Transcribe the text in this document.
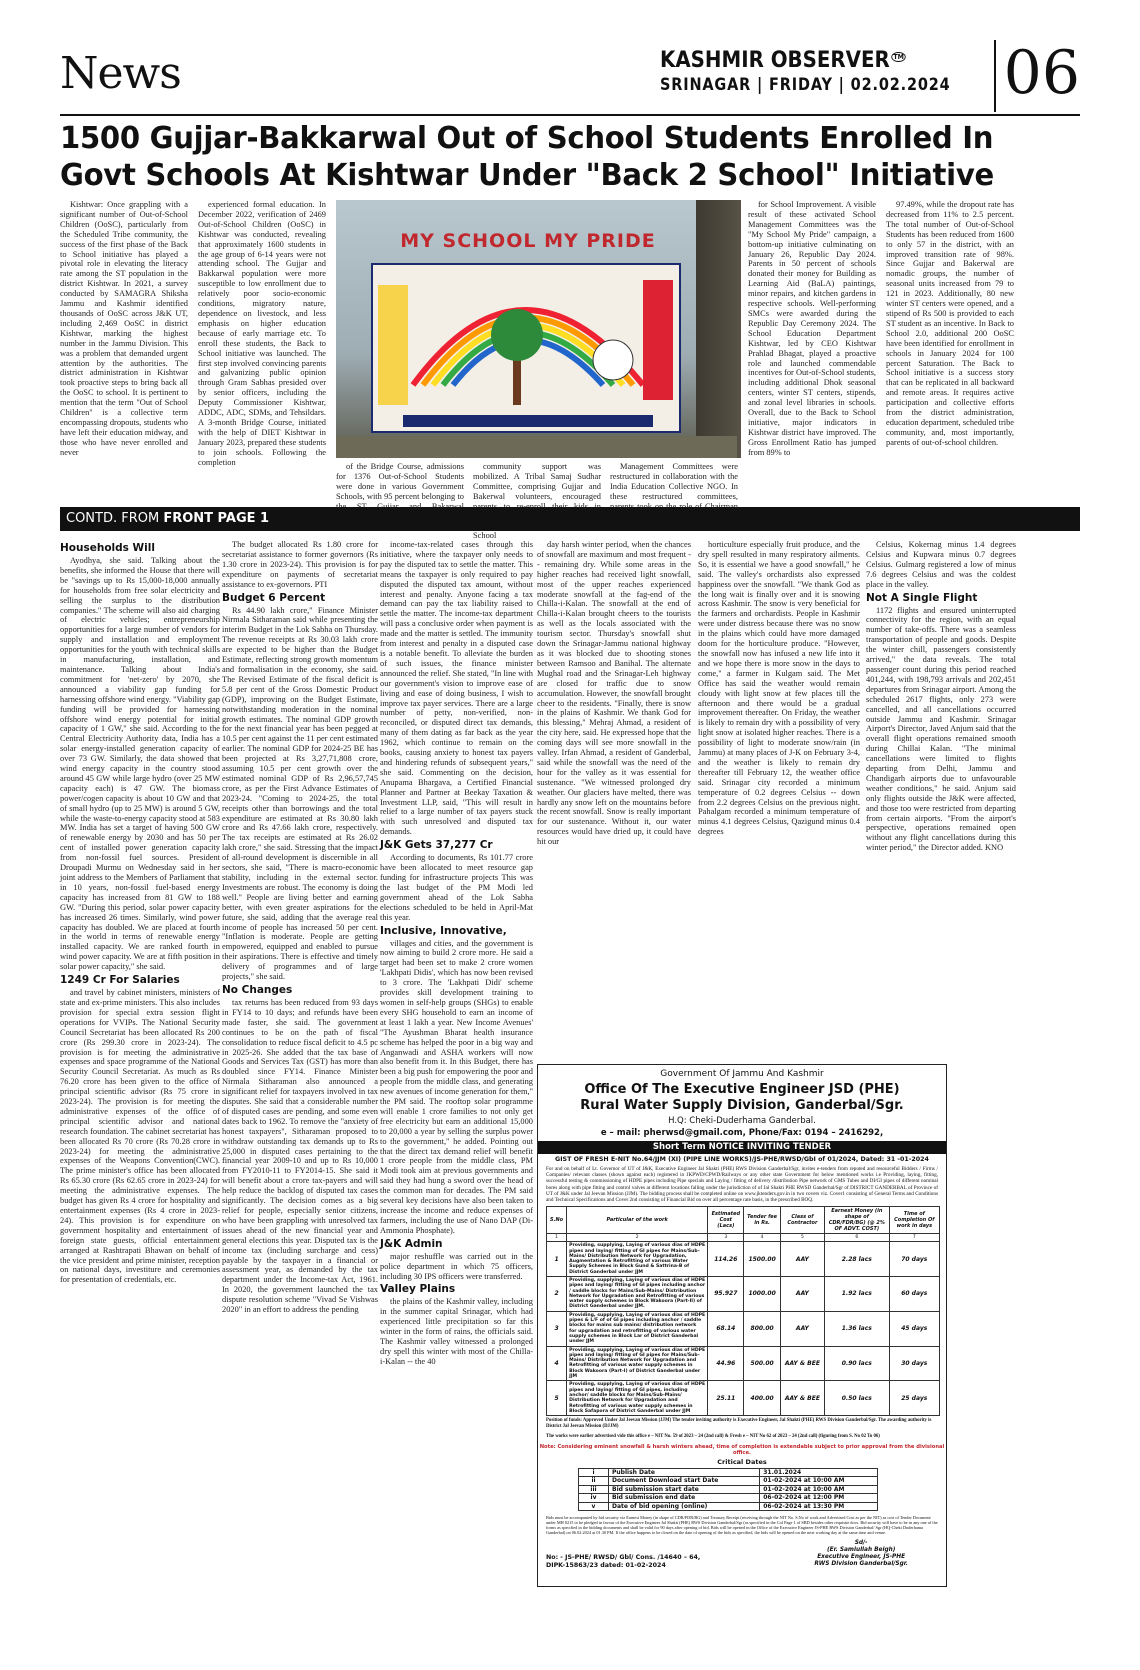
News	KASHMIR OBSERVER ™
SRINAGAR | FRIDAY | 02.02.2024 06
1500 Gujjar-Bakkarwal Out of School Students Enrolled In Govt Schools At Kishtwar Under "Back 2 School" Initiative

Kishtwar: Once grappling with a significant number of Out-of-School Children (OoSC), particularly from the Scheduled Tribe community, the success of the first phase of the Back to School initiative has played a pivotal role in elevating the literacy rate among the ST population in the district Kishtwar. In 2021, a survey conducted by SAMAGRA Shiksha Jammu and Kashmir identified thousands of OoSC across J&K UT, including 2,469 OoSC in district Kishtwar, marking the highest number in the Jammu Division. This was a problem that demanded urgent attention by the authorities. The district administration in Kishtwar took proactive steps to bring back all the OoSC to school. It is pertinent to mention that the term "Out of School Children" is a collective term encompassing dropouts, students who have left their education midway, and those who have never enrolled and never

experienced formal education. In December 2022, verification of 2469 Out-of-School Children (OoSC) in Kishtwar was conducted, revealing that approximately 1600 students in the age group of 6-14 years were not attending school. The Gujjar and Bakkarwal population were more susceptible to low enrollment due to relatively poor socio-economic conditions, migratory nature, dependence on livestock, and less emphasis on higher education because of early marriage etc. To enroll these students, the Back to School initiative was launched. The first step involved convincing parents and galvanizing public opinion through Gram Sabhas presided over by senior officers, including the Deputy Commissioner Kishtwar, ADDC, ADC, SDMs, and Tehsildars. A 3-month Bridge Course, initiated with the help of DIET Kishtwar in January 2023, prepared these students to join schools. Following the completion

MY SCHOOL MY PRIDE

of the Bridge Course, admissions for 1376 Out-of-School Students were done in various Government Schools, with 95 percent belonging to

community support was mobilized. A Tribal Samaj Sudhar Committee, comprising Gujjar and Bakerwal volunteers, encouraged School

Management Committees were restructured in collaboration with the India Education Collective NGO. In these restructured committees,

for School Improvement. A visible result of these activated School Management Committees was the "My School My Pride" campaign, a bottom-up initiative culminating on January 26, Republic Day 2024. Parents in 50 percent of schools donated their money for Building as Learning Aid (BaLA) paintings, minor repairs, and kitchen gardens in respective schools. Well-performing SMCs were awarded during the Republic Day Ceremony 2024. The School Education Department Kishtwar, led by CEO Kishtwar Prahlad Bhagat, played a proactive role and launched commendable incentives for Out-of-School students, including additional Dhok seasonal centers, winter ST centers, stipends, and zonal level libraries in schools. Overall, due to the Back to School initiative, major indicators in Kishtwar district have improved. The Gross Enrollment Ratio has jumped from 89% to

97.49%, while the dropout rate has decreased from 11% to 2.5 percent. The total number of Out-of-School Students has been reduced from 1600 to only 57 in the district, with an improved transition rate of 98%. Since Gujjar and Bakerwal are nomadic groups, the number of seasonal units increased from 79 to 121 in 2023. Additionally, 80 new winter ST centers were opened, and a stipend of Rs 500 is provided to each ST student as an incentive. In Back to School 2.0, additional 200 OoSC have been identified for enrollment in schools in January 2024 for 100 percent Saturation. The Back to School initiative is a success story that can be replicated in all backward and remote areas. It requires active participation and collective efforts from the district administration, education department, scheduled tribe community, and, most importantly, parents of out-of-school children.

CONTD. FROM FRONT PAGE 1

Households Will

Ayodhya, she said. Talking about the benefits, she informed the House that there will be "savings up to Rs 15,000-18,000 annually for households from free solar electricity and selling the surplus to the distribution companies." The scheme will also aid charging of electric vehicles; entrepreneurship opportunities for a large number of vendors for supply and installation and employment opportunities for the youth with technical skills in manufacturing, installation, and maintenance. Talking about India's commitment for 'net-zero' by 2070, she announced a viability gap funding for harnessing offshore wind energy. "Viability gap funding will be provided for harnessing offshore wind energy potential for initial capacity of 1 GW," she said. According to the Central Electricity Authority data, India has a solar energy-installed generation capacity of over 73 GW. Similarly, the data showed that wind energy capacity in the country stood around 45 GW while large hydro (over 25 MW capacity each) is 47 GW. The biomass power/cogen capacity is about 10 GW and that of small hydro (up to 25 MW) is around 5 GW, while the waste-to-energy capacity stood at 583 MW. India has set a target of having 500 GW of renewable energy by 2030 and has 50 per cent of installed power generation capacity from non-fossil fuel sources. President Droupadi Murmu on Wednesday said in her joint address to the Members of Parliament that in 10 years, non-fossil fuel-based energy capacity has increased from 81 GW to 188 GW. "During this period, solar power capacity has increased 26 times. Similarly, wind power capacity has doubled. We are placed at fourth in the world in terms of renewable energy installed capacity. We are ranked fourth in wind power capacity. We are at fifth position in solar power capacity," she said.

1249 Cr For Salaries

and travel by cabinet ministers, ministers of state and ex-prime ministers. This also includes provision for special extra session flight operations for VVIPs. The National Security Council Secretariat has been allocated Rs 200 crore (Rs 299.30 crore in 2023-24). The provision is for meeting the administrative expenses and space programme of the National Security Council Secretariat. As much as Rs 76.20 crore has been given to the office of principal scientific advisor (Rs 75 crore in 2023-24). The provision is for meeting the administrative expenses of the office of principal scientific advisor and national research foundation. The cabinet secretariat has been allocated Rs 70 crore (Rs 70.28 crore in 2023-24) for meeting the administrative expenses of the Weapons Convention(CWC). The prime minister's office has been allocated Rs 65.30 crore (Rs 62.65 crore in 2023-24) for meeting the administrative expenses. The budget has given Rs 4 crore for hospitality and entertainment expenses (Rs 4 crore in 2023-24). This provision is for expenditure on government hospitality and entertainment of foreign state guests, official entertainment arranged at Rashtrapati Bhawan on behalf of the vice president and prime minister, reception on national days, investiture and ceremonies for presentation of credentials, etc.

The budget allocated Rs 1.80 crore for secretariat assistance to former governors (Rs 1.30 crore in 2023-24). This provision is for expenditure on payments of secretariat assistance to ex-governors. PTI

Budget 6 Percent

Rs 44.90 lakh crore," Finance Minister Nirmala Sitharaman said while presenting the interim Budget in the Lok Sabha on Thursday. The revenue receipts at Rs 30.03 lakh crore are expected to be higher than the Budget Estimate, reflecting strong growth momentum and formalisation in the economy, she said. The Revised Estimate of the fiscal deficit is 5.8 per cent of the Gross Domestic Product (GDP), improving on the Budget Estimate, notwithstanding moderation in the nominal growth estimates. The nominal GDP growth for the next financial year has been pegged at 10.5 per cent against the 11 per cent estimated earlier. The nominal GDP for 2024-25 BE has been projected at Rs 3,27,71,808 crore, assuming 10.5 per cent growth over the estimated nominal GDP of Rs 2,96,57,745 crore, as per the First Advance Estimates of 2023-24. "Coming to 2024-25, the total receipts other than borrowings and the total expenditure are estimated at Rs 30.80 lakh crore and Rs 47.66 lakh crore, respectively. The tax receipts are estimated at Rs 26.02 lakh crore," she said. Stressing that the impact of all-round development is discernible in all sectors, she said, "There is macro-economic stability, including in the external sector. Investments are robust. The economy is doing well." People are living better and earning better, with even greater aspirations for the future, she said, adding that the average real income of people has increased 50 per cent. "Inflation is moderate. People are getting empowered, equipped and enabled to pursue their aspirations. There is effective and timely delivery of programmes and of large projects," she said.

No Changes

tax returns has been reduced from 93 days in FY14 to 10 days; and refunds have been made faster, she said. The government continues to be on the path of fiscal consolidation to reduce fiscal deficit to 4.5 pc in 2025-26. She added that the tax base of Goods and Services Tax (GST) has more than doubled since FY14. Finance Minister Nirmala Sitharaman also announced a significant relief for taxpayers involved in tax disputes. She said that a considerable number of disputed cases are pending, and some even dates back to 1962. To remove the "anxiety of honest taxpayers", Sitharaman proposed to withdraw outstanding tax demands up to Rs 25,000 in disputed cases pertaining to the financial year 2009-10 and up to Rs 10,000 from FY2010-11 to FY2014-15. She said it will benefit about a crore tax-payers and will help reduce the backlog of disputed tax cases significantly. The decision comes as a big relief for people, especially senior citizens, who have been grappling with unresolved tax issues ahead of the new financial year and general elections this year. Disputed tax is the income tax (including surcharge and cess) payable by the taxpayer in a financial or assessment year, as demanded by the tax department under the Income-tax Act, 1961. In 2020, the government launched the tax dispute resolution scheme "Vivad Se Vishwas 2020" in an effort to address the pending

income-tax-related cases through this initiative, where the taxpayer only needs to pay the disputed tax to settle the matter. This means the taxpayer is only required to pay disputed the disputed tax amount, without interest and penalty. Anyone facing a tax demand can pay the tax liability raised to settle the matter. The income-tax department will pass a conclusive order when payment is made and the matter is settled. The immunity from interest and penalty in a disputed case is a notable benefit. To alleviate the burden of such issues, the finance minister announced the relief. She stated, "In line with our government's vision to improve ease of living and ease of doing business, I wish to improve tax payer services. There are a large number of petty, non-verified, non-reconciled, or disputed direct tax demands, many of them dating as far back as the year 1962, which continue to remain on the books, causing anxiety to honest tax payers and hindering refunds of subsequent years," she said. Commenting on the decision, Anupama Bhargava, a Certified Financial Planner and Partner at Beekay Taxation & Investment LLP, said, "This will result in relief to a large number of tax payers stuck with such unresolved and disputed tax demands.

J&K Gets 37,277 Cr

According to documents, Rs 101.77 crore have been allocated to meet resource gap funding for infrastructure projects This was the last budget of the PM Modi led government ahead of the Lok Sabha elections scheduled to be held in April-Mat this year.

Inclusive, Innovative,

villages and cities, and the government is now aiming to build 2 crore more. He said a target had been set to make 2 crore women 'Lakhpati Didis', which has now been revised to 3 crore. The 'Lakhpati Didi' scheme provides skill development training to women in self-help groups (SHGs) to enable every SHG household to earn an income of at least 1 lakh a year. New Income Avenues' "The Ayushman Bharat health insurance scheme has helped the poor in a big way and Anganwadi and ASHA workers will now also benefit from it. In this Budget, there has been a big push for empowering the poor and people from the middle class, and generating new avenues of income generation for them," the PM said. The rooftop solar programme will enable 1 crore families to not only get free electricity but earn an additional 15,000 to 20,000 a year by selling the surplus power to the government," he added. Pointing out that the direct tax demand relief will benefit 1 crore people from the middle class, PM Modi took aim at previous governments and said they had hung a sword over the head of the common man for decades. The PM said several key decisions have also been taken to increase the income and reduce expenses of farmers, including the use of Nano DAP (Di-Ammonia Phosphate).

J&K Admin

major reshuffle was carried out in the police department in which 75 officers, including 30 IPS officers were transferred.

Valley Plains

the plains of the Kashmir valley, including in the summer capital Srinagar, which had experienced little precipitation so far this winter in the form of rains, the officials said. The Kashmir valley witnessed a prolonged dry spell this winter with most of the Chilla-i-Kalan -- the 40

day harsh winter period, when the chances of snowfall are maximum and most frequent -- remaining dry. While some areas in the higher reaches had received light snowfall, most of the upper reaches experienced moderate snowfall at the fag-end of the Chilla-i-Kalan. The snowfall at the end of Chilla-i-Kalan brought cheers to the tourists as well as the locals associated with the tourism sector. Thursday's snowfall shut down the Srinagar-Jammu national highway as it was blocked due to shooting stones between Ramsoo and Banihal. The alternate Mughal road and the Srinagar-Leh highway are closed for traffic due to snow accumulation. However, the snowfall brought cheer to the residents. "Finally, there is snow in the plains of Kashmir. We thank God for this blessing," Mehraj Ahmad, a resident of the city here, said. He expressed hope that the coming days will see more snowfall in the valley. Irfan Ahmad, a resident of Ganderbal, said while the snowfall was the need of the hour for the valley as it was essential for sustenance. "We witnessed prolonged dry weather. Our glaciers have melted, there was hardly any snow left on the mountains before the recent snowfall. Snow is really important for our sustenance. Without it, our water resources would have dried up, it could have hit our

horticulture especially fruit produce, and the dry spell resulted in many respiratory ailments. So, it is essential we have a good snowfall," he said. The valley's orchardists also expressed happiness over the snowfall. "We thank God as the long wait is finally over and it is snowing across Kashmir. The snow is very beneficial for the farmers and orchardists. People in Kashmir were under distress because there was no snow in the plains which could have more damaged doom for the horticulture produce. "However, the snowfall now has infused a new life into it and we hope there is more snow in the days to come," a farmer in Kulgam said. The Met Office has said the weather would remain cloudy with light snow at few places till the afternoon and there would be a gradual improvement thereafter. On Friday, the weather is likely to remain dry with a possibility of very light snow at isolated higher reaches. There is a possibility of light to moderate snow/rain (in Jammu) at many places of J-K on February 3-4, and the weather is likely to remain dry thereafter till February 12, the weather office said. Srinagar city recorded a minimum temperature of 0.2 degrees Celsius -- down from 2.2 degrees Celsius on the previous night. Pahalgam recorded a minimum temperature of minus 4.1 degrees Celsius, Qazigund minus 0.4 degrees

Celsius, Kokernag minus 1.4 degrees Celsius and Kupwara minus 0.7 degrees Celsius. Gulmarg registered a low of minus 7.6 degrees Celsius and was the coldest place in the valley.

Not A Single Flight

1172 flights and ensured uninterrupted connectivity for the region, with an equal number of take-offs. There was a seamless transportation of people and goods. Despite the winter chill, passengers consistently arrived," the data reveals. The total passenger count during this period reached 401,244, with 198,793 arrivals and 202,451 departures from Srinagar airport. Among the scheduled 2617 flights, only 273 were cancelled, and all cancellations occurred outside Jammu and Kashmir. Srinagar Airport's Director, Javed Anjum said that the overall flight operations remained smooth during Chillai Kalan. "The minimal cancellations were limited to flights departing from Delhi, Jammu and Chandigarh airports due to unfavourable weather conditions," he said. Anjum said only flights outside the J&K were affected, and those too were restricted from departing from certain airports. "From the airport's perspective, operations remained open without any flight cancellations during this winter period," the Director added. KNO

Government Of Jammu And Kashmir
Office Of The Executive Engineer JSD (PHE)
Rural Water Supply Division, Ganderbal/Sgr.
H.Q: Cheki-Duderhama Ganderbal.
e – mail: pherwsd@gmail.com, Phone/Fax: 0194 – 2416292,
Short Term NOTICE INVITING TENDER
GIST OF FRESH E-NIT No.64/JJM (XI) (PIPE LINE WORKS)/JS-PHE/RWSD/GbI of 01/2024, Dated: 31 -01-2024
For and on behalf of Lt. Governor of UT of J&K, Executive Engineer Jal Shakti (PHE) RWS Division Ganderbal/Sgr, invites e-tenders from reputed and resourceful Bidders / Firms / Companies/ relevant classes (shown against each) registered in JKPWD/CPWD/Railways or any other state Government for below mentioned works i.e Providing, laying, fitting, successful testing & commissioning of HDPE pipes including Pipe specials and Laying / fitting of delivery /distribution Pipe network of GMS Tubes and DI/GI pipes of different nominal bores along with pipe fitting and control valves at different locations falling under the jurisdiction of of Jal Shakti PHE RWSD Ganderbal/Sgr of DISTRICT GANDERBAL of Province of UT of J&K under Jal Jeevan Mission (JJM). The bidding process shall be completed online on www.jktenders.gov.in in two covers viz. Cover1 consisting of General Terms and Conditions and Technical Specifications and Cover 2nd consisting of Financial Bid on over all percentage rate basis, in the prescribed BOQ.
S.No	Particular of the work	Estimated Cost (Lacs)	Tender fee in Rs.	Class of Contractor	Earnest Money (in shape of CDR/FDR/BG) (@ 2% OF ADVT. COST)	Time of Completion Of work in days
1	2	3	4	5	6	7
1	Providing, supplying, Laying of various dias of HDPE pipes and laying/ fitting of GI pipes for Mains/Sub-Mains/ Distribution Network for Upgradation, Augmentation & Retrofitting of various Water Supply Schemes in Block Gund & Sattrina-B of District Ganderbal under JJM	114.26	1500.00	AAY	2.28 lacs	70 days
2	Providing, supplying, Laying of various dias of HDPE pipes and laying/ fitting of GI pipes including anchor / saddle blocks for Mains/Sub-Mains/ Distribution Network for Upgradation and Retrofitting of various water supply schemes in Block Wakoora (Part-II) of District Ganderbal under JJM.	95.927	1000.00	AAY	1.92 lacs	60 days
3	Providing, supplying, Laying of various dias of HDPE pipes & L/F of of GI pipes including anchor / saddle blocks for mains sub mains/ distribution network for upgradation and retrofitting of various water supply schemes in Block Lar of District Ganderbal under JJM	68.14	800.00	AAY	1.36 lacs	45 days
4	Providing, supplying, Laying of various dias of HDPE pipes and laying/ fitting of GI pipes for Mains/Sub-Mains/ Distribution Network for Upgradation and Retrofitting of various water supply schemes in Block Wakoora (Part-I) of District Ganderbal under JJM	44.96	500.00	AAY & BEE	0.90 lacs	30 days
5	Providing, supplying, Laying of various dias of HDPE pipes and laying/ fitting of GI pipes, including anchor/ saddle blocks for Mains/Sub-Mains/ Distribution Network for Upgradation and Retrofitting of various water supply schemes in Block Safapora of District Ganderbal under JJM	25.11	400.00	AAY & BEE	0.50 lacs	25 days
Position of funds: Approved Under Jal Jeevan Mission (JJM) The tender inviting authority is Executive Engineer, Jal Shakti (PHE) RWS Division Ganderbal/Sgr. The awarding authority is District Jal Jeevan Mission (DJJM)
The works were earlier advertised vide this office e – NIT No. 59 of 2023 – 24 (2nd call) & Fresh e – NIT No 62 of 2023 – 24 (2nd call) (figuring from S. No 02 To 06)
Note: Considering eminent snowfall & harsh winters ahead, time of completion is extendable subject to prior approval from the divisional office.
Critical Dates
i	Publish Date	31.01.2024
ii	Document Download start Date	01-02-2024 at 10:00 AM
iii	Bid submission start date	01-02-2024 at 10:00 AM
iv	Bid submission end date	06-02-2024 at 12:00 PM
v	Date of bid opening (online)	06-02-2024 at 13:30 PM
Bids must be accompanied by bid security viz Earnest Money (in shape of CDR/FDR/BG) and Treasury Receipt (receiving through the NIT No. S.No of work and Advertised Cost as per the NIT) as cost of Tender Document under MH 0215 to be pledged in favour of the Executive Engineer Jal Shakti (PHE) RWS Division Ganderbal/Sgr (as specified in the Col Page 1 of SBD besides other requisite docs. Bid security will have to be in any one of the forms as specified in the bidding documents and shall be valid for 90 days after opening of bid. Bids will be opened in the Office of the Executive Engineer JS-PHE RWS Division Ganderbal/ Sgr (HQ-Cheki Duderhama Ganderbal) on 06.02.2024 at 01.30 PM. If the office happens to be closed on the date of opening of the bids as specified, the bids will be opened on the next working day at the same time and venue.
Sd/-
(Er. Samiullah Beigh)
Executive Engineer, JS-PHE
RWS Division Ganderbal/Sgr.
No: - JS-PHE/ RWSD/ Gbl/ Cons. /14640 – 64,
DIPK-15863/23 dated: 01-02-2024
